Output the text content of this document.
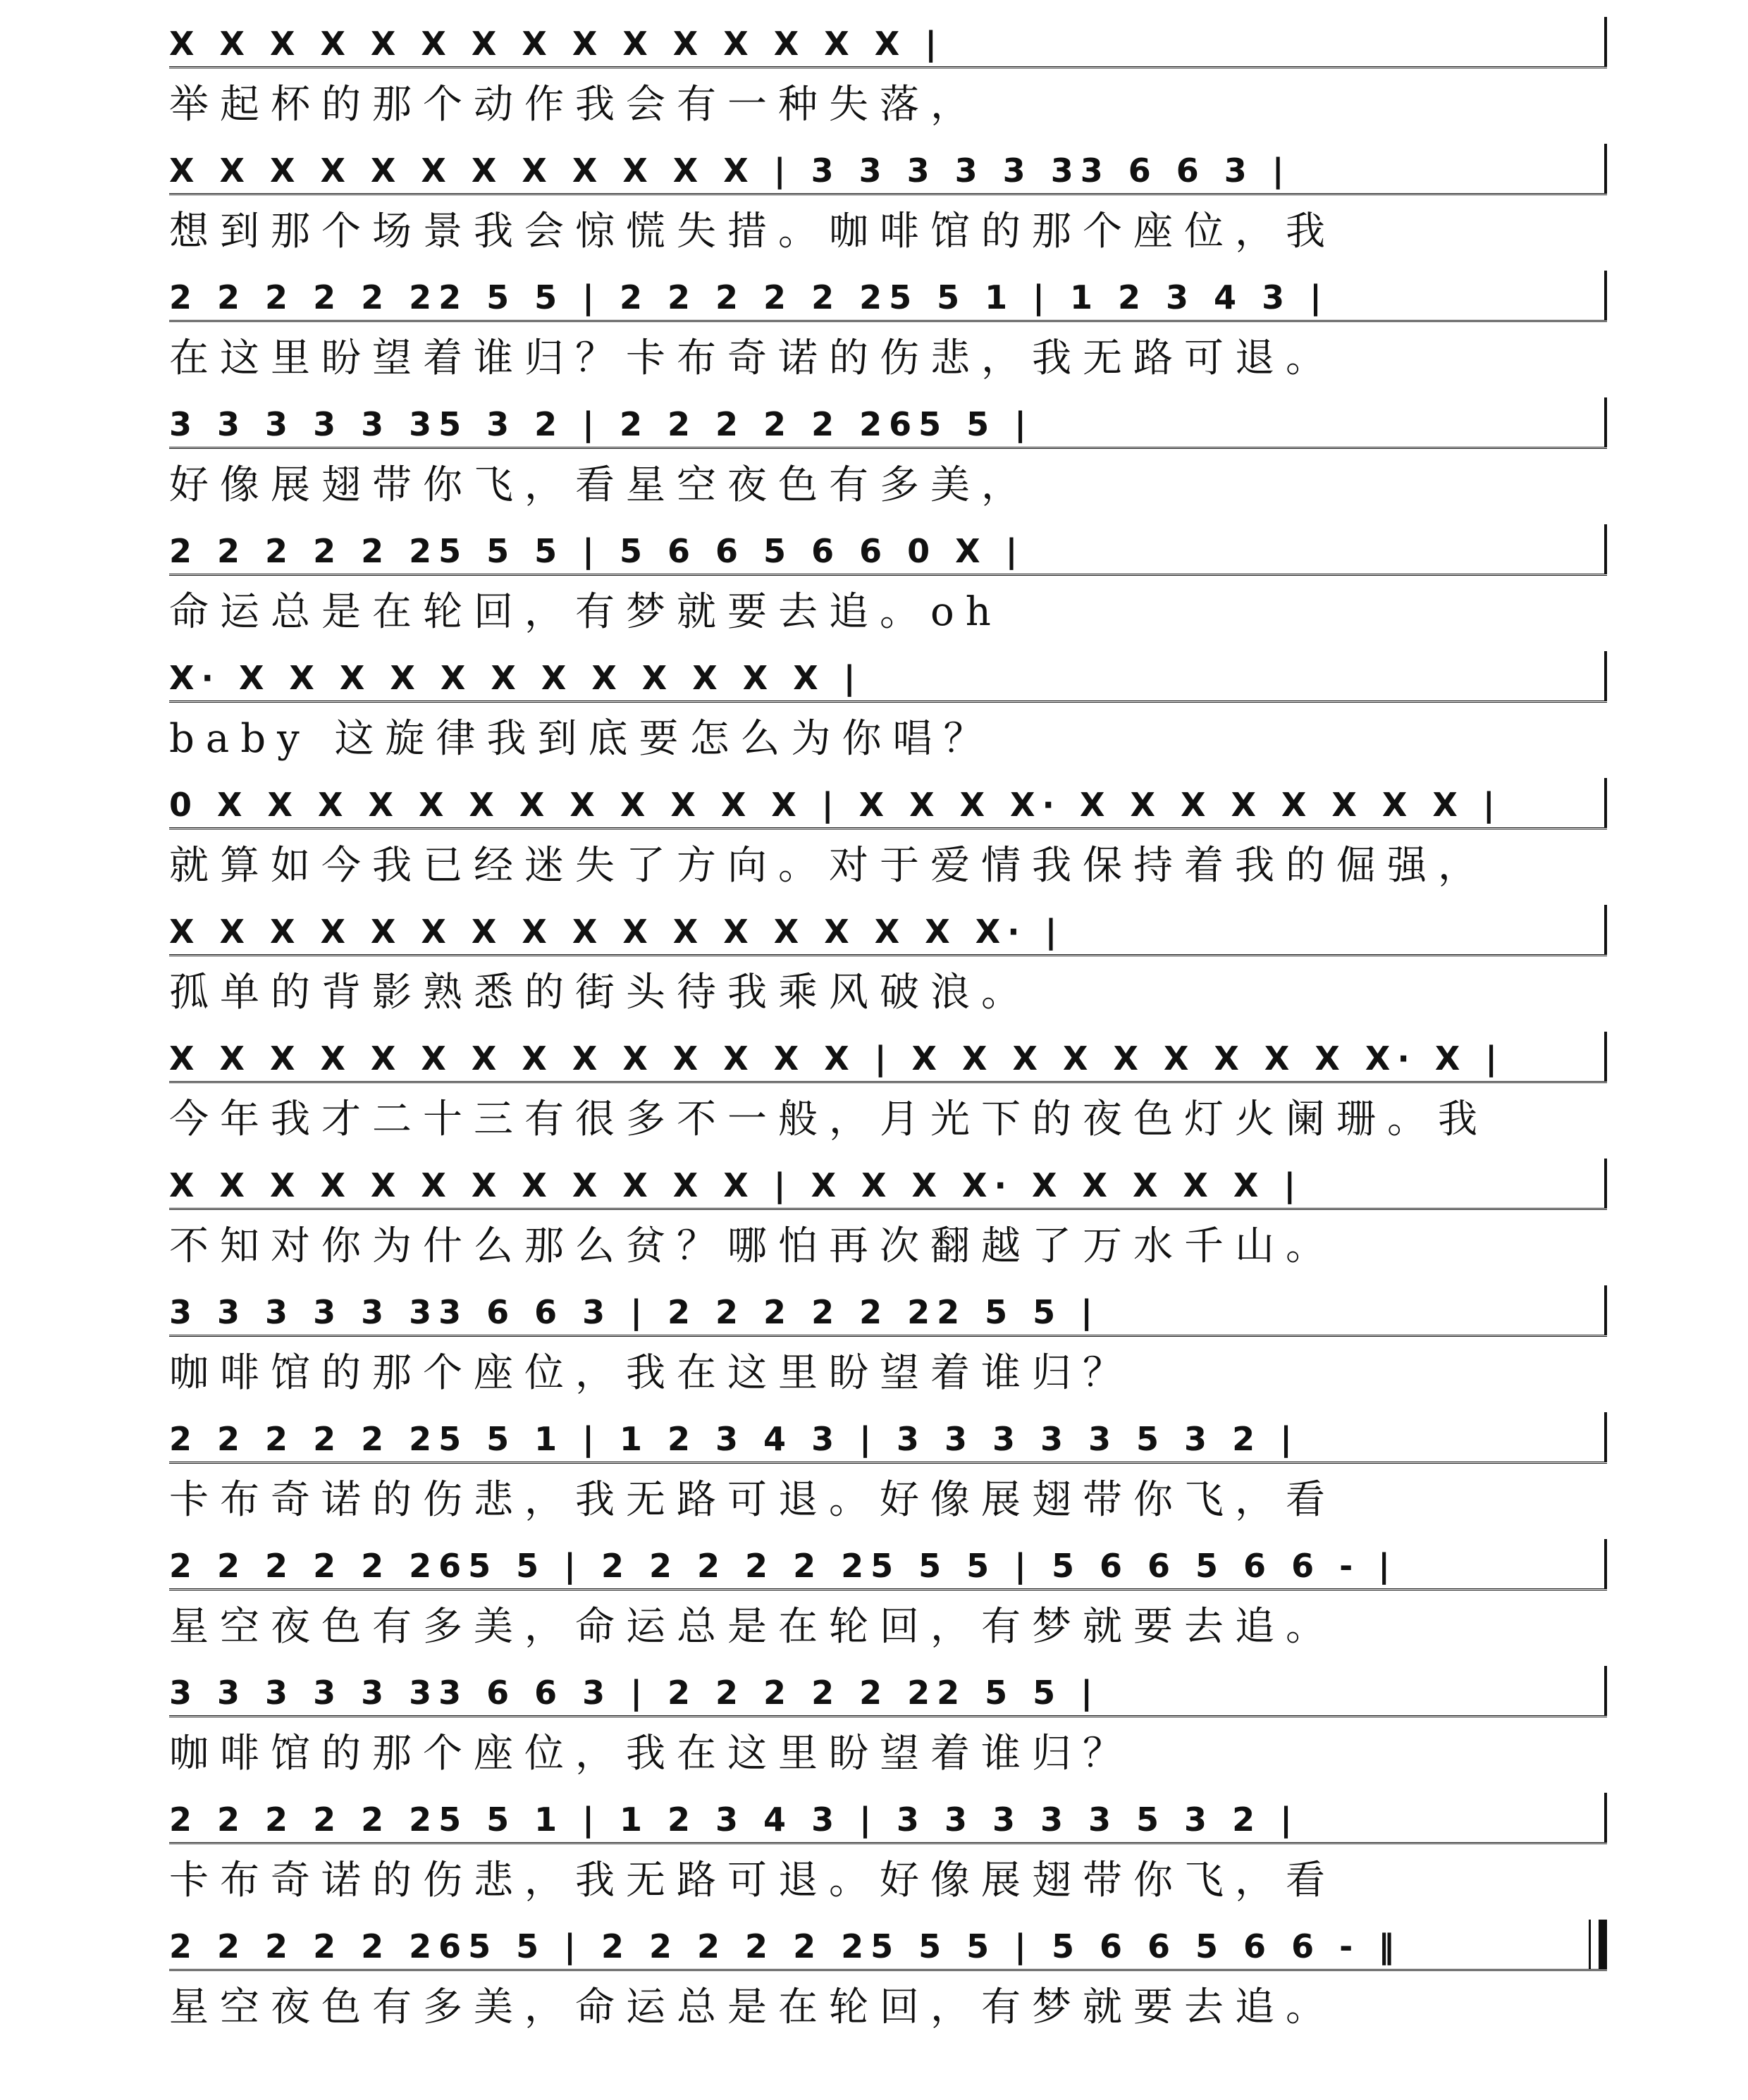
X X X X X X X X X X X X X X X |
举起杯的那个动作我会有一种失落，
X X X X X X X X X X X X | 3 3 3 3 3 33 6 6 3 |
想到那个场景我会惊慌失措。咖啡馆的那个座位，我
2 2 2 2 2 22 5 5 | 2 2 2 2 2 25 5 1 | 1 2 3 4 3 |
在这里盼望着谁归？卡布奇诺的伤悲，我无路可退。
3 3 3 3 3 35 3 2 | 2 2 2 2 2 265 5 |
好像展翅带你飞，看星空夜色有多美，
2 2 2 2 2 25 5 5 | 5 6 6 5 6 6 0 X |
命运总是在轮回，有梦就要去追。oh
X· X X X X X X X X X X X X |
baby 这旋律我到底要怎么为你唱？
0 X X X X X X X X X X X X | X X X X· X X X X X X X X |
就算如今我已经迷失了方向。对于爱情我保持着我的倔强，
X X X X X X X X X X X X X X X X X· |
孤单的背影熟悉的街头待我乘风破浪。
X X X X X X X X X X X X X X | X X X X X X X X X X· X |
今年我才二十三有很多不一般，月光下的夜色灯火阑珊。我
X X X X X X X X X X X X | X X X X· X X X X X |
不知对你为什么那么贫？哪怕再次翻越了万水千山。
3 3 3 3 3 33 6 6 3 | 2 2 2 2 2 22 5 5 |
咖啡馆的那个座位，我在这里盼望着谁归？
2 2 2 2 2 25 5 1 | 1 2 3 4 3 | 3 3 3 3 3 5 3 2 |
卡布奇诺的伤悲，我无路可退。好像展翅带你飞，看
2 2 2 2 2 265 5 | 2 2 2 2 2 25 5 5 | 5 6 6 5 6 6 - |
星空夜色有多美，命运总是在轮回，有梦就要去追。
3 3 3 3 3 33 6 6 3 | 2 2 2 2 2 22 5 5 |
咖啡馆的那个座位，我在这里盼望着谁归？
2 2 2 2 2 25 5 1 | 1 2 3 4 3 | 3 3 3 3 3 5 3 2 |
卡布奇诺的伤悲，我无路可退。好像展翅带你飞，看
2 2 2 2 2 265 5 | 2 2 2 2 2 25 5 5 | 5 6 6 5 6 6 - ‖
星空夜色有多美，命运总是在轮回，有梦就要去追。
